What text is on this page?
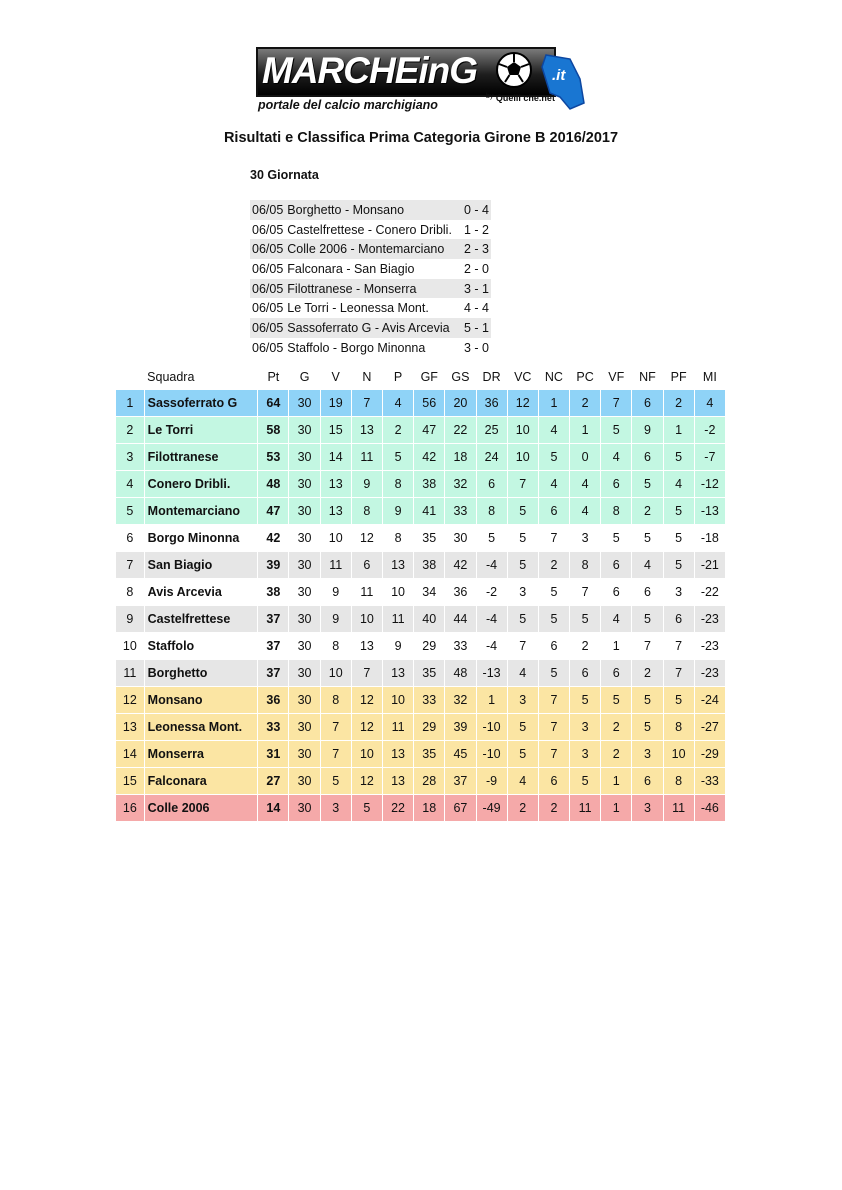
MARCHEinG	.it
portale del calcio marchigiano
$^{by}$ Quelli che.net
Risultati e Classifica Prima Categoria Girone B 2016/2017
30 Giornata
06/05	Borghetto - Monsano	0 - 4
06/05	Castelfrettese - Conero Dribli.	1 - 2
06/05	Colle 2006 - Montemarciano	2 - 3
06/05	Falconara - San Biagio	2 - 0
06/05	Filottranese - Monserra	3 - 1
06/05	Le Torri - Leonessa Mont.	4 - 4
06/05	Sassoferrato G - Avis Arcevia	5 - 1
06/05	Staffolo - Borgo Minonna	3 - 0
	Squadra	Pt	G	V	N	P	GF	GS	DR	VC	NC	PC	VF	NF	PF	MI
1	Sassoferrato G	64	30	19	7	4	56	20	36	12	1	2	7	6	2	4
2	Le Torri	58	30	15	13	2	47	22	25	10	4	1	5	9	1	-2
3	Filottranese	53	30	14	11	5	42	18	24	10	5	0	4	6	5	-7
4	Conero Dribli.	48	30	13	9	8	38	32	6	7	4	4	6	5	4	-12
5	Montemarciano	47	30	13	8	9	41	33	8	5	6	4	8	2	5	-13
6	Borgo Minonna	42	30	10	12	8	35	30	5	5	7	3	5	5	5	-18
7	San Biagio	39	30	11	6	13	38	42	-4	5	2	8	6	4	5	-21
8	Avis Arcevia	38	30	9	11	10	34	36	-2	3	5	7	6	6	3	-22
9	Castelfrettese	37	30	9	10	11	40	44	-4	5	5	5	4	5	6	-23
10	Staffolo	37	30	8	13	9	29	33	-4	7	6	2	1	7	7	-23
11	Borghetto	37	30	10	7	13	35	48	-13	4	5	6	6	2	7	-23
12	Monsano	36	30	8	12	10	33	32	1	3	7	5	5	5	5	-24
13	Leonessa Mont.	33	30	7	12	11	29	39	-10	5	7	3	2	5	8	-27
14	Monserra	31	30	7	10	13	35	45	-10	5	7	3	2	3	10	-29
15	Falconara	27	30	5	12	13	28	37	-9	4	6	5	1	6	8	-33
16	Colle 2006	14	30	3	5	22	18	67	-49	2	2	11	1	3	11	-46
